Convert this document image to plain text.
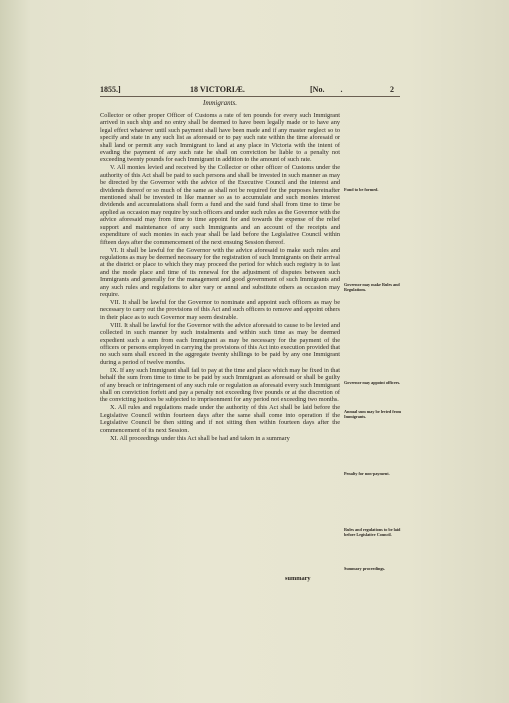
1855.]	18 VICTORIÆ.	[No. .	2
Immigrants.

Collector or other proper Officer of Customs a rate of ten pounds for every such Immigrant arrived in such ship and no entry shall be deemed to have been legally made or to have any legal effect whatever until such payment shall have been made and if any master neglect so to specify and state in any such list as aforesaid or to pay such rate within the time aforesaid or shall land or permit any such Immigrant to land at any place in Victoria with the intent of evading the payment of any such rate he shall on conviction be liable to a penalty not exceeding twenty pounds for each Immigrant in addition to the amount of such rate.

V. All monies levied and received by the Collector or other officer of Customs under the authority of this Act shall be paid to such persons and shall be invested in such manner as may be directed by the Governor with the advice of the Executive Council and the interest and dividends thereof or so much of the same as shall not be required for the purposes hereinafter mentioned shall be invested in like manner so as to accumulate and such monies interest dividends and accumulations shall form a fund and the said fund shall from time to time be applied as occasion may require by such officers and under such rules as the Governor with the advice aforesaid may from time to time appoint for and towards the expense of the relief support and maintenance of any such Immigrants and an account of the receipts and expenditure of such monies in each year shall be laid before the Legislative Council within fifteen days after the commencement of the next ensuing Session thereof.

VI. It shall be lawful for the Governor with the advice aforesaid to make such rules and regulations as may be deemed necessary for the registration of such Immigrants on their arrival at the district or place to which they may proceed the period for which such registry is to last and the mode place and time of its renewal for the adjustment of disputes between such Immigrants and generally for the management and good government of such Immigrants and any such rules and regulations to alter vary or annul and substitute others as occasion may require.

VII. It shall be lawful for the Governor to nominate and appoint such officers as may be necessary to carry out the provisions of this Act and such officers to remove and appoint others in their place as to such Governor may seem desirable.

VIII. It shall be lawful for the Governor with the advice aforesaid to cause to be levied and collected in such manner by such instalments and within such time as may be deemed expedient such a sum from each Immigrant as may be necessary for the payment of the officers or persons employed in carrying the provisions of this Act into execution provided that no such sum shall exceed in the aggregate twenty shillings to be paid by any one Immigrant during a period of twelve months.

IX. If any such Immigrant shall fail to pay at the time and place which may be fixed in that behalf the sum from time to time to be paid by such Immigrant as aforesaid or shall be guilty of any breach or infringement of any such rule or regulation as aforesaid every such Immigrant shall on conviction forfeit and pay a penalty not exceeding five pounds or at the discretion of the convicting justices be subjected to imprisonment for any period not exceeding two months.

X. All rules and regulations made under the authority of this Act shall be laid before the Legislative Council within fourteen days after the same shall come into operation if the Legislative Council be then sitting and if not sitting then within fourteen days after the commencement of its next Session.

XI. All proceedings under this Act shall be had and taken in a summary

summary
Fund to be formed.
Governor may make Rules and Regulations.
Governor may appoint officers.
Annual sum may be levied from Immigrants.
Penalty for non-payment.
Rules and regulations to be laid before Legislative Council.
Summary proceedings.
